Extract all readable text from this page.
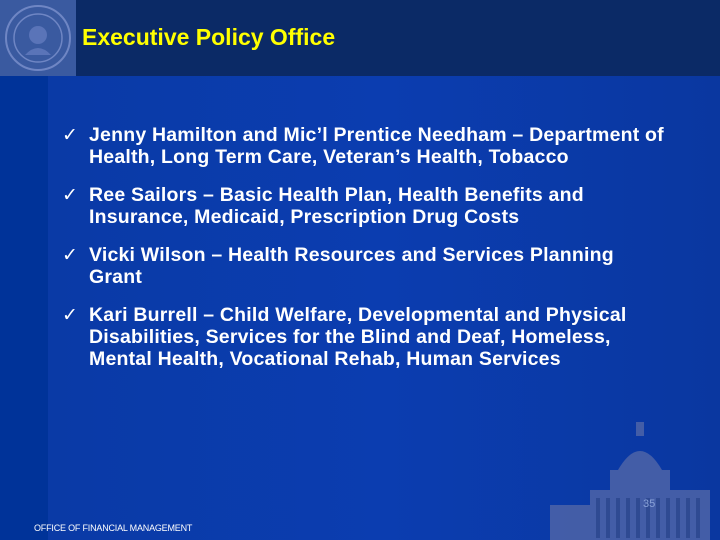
Executive Policy Office
✓ Jenny Hamilton and Mic’l Prentice Needham – Department of Health, Long Term Care, Veteran’s Health, Tobacco
✓ Ree Sailors – Basic Health Plan, Health Benefits and Insurance, Medicaid, Prescription Drug Costs
✓ Vicki Wilson – Health Resources and Services Planning Grant
✓ Kari Burrell – Child Welfare, Developmental and Physical Disabilities, Services for the Blind and Deaf, Homeless, Mental Health, Vocational Rehab, Human Services
35
OFFICE OF FINANCIAL MANAGEMENT
